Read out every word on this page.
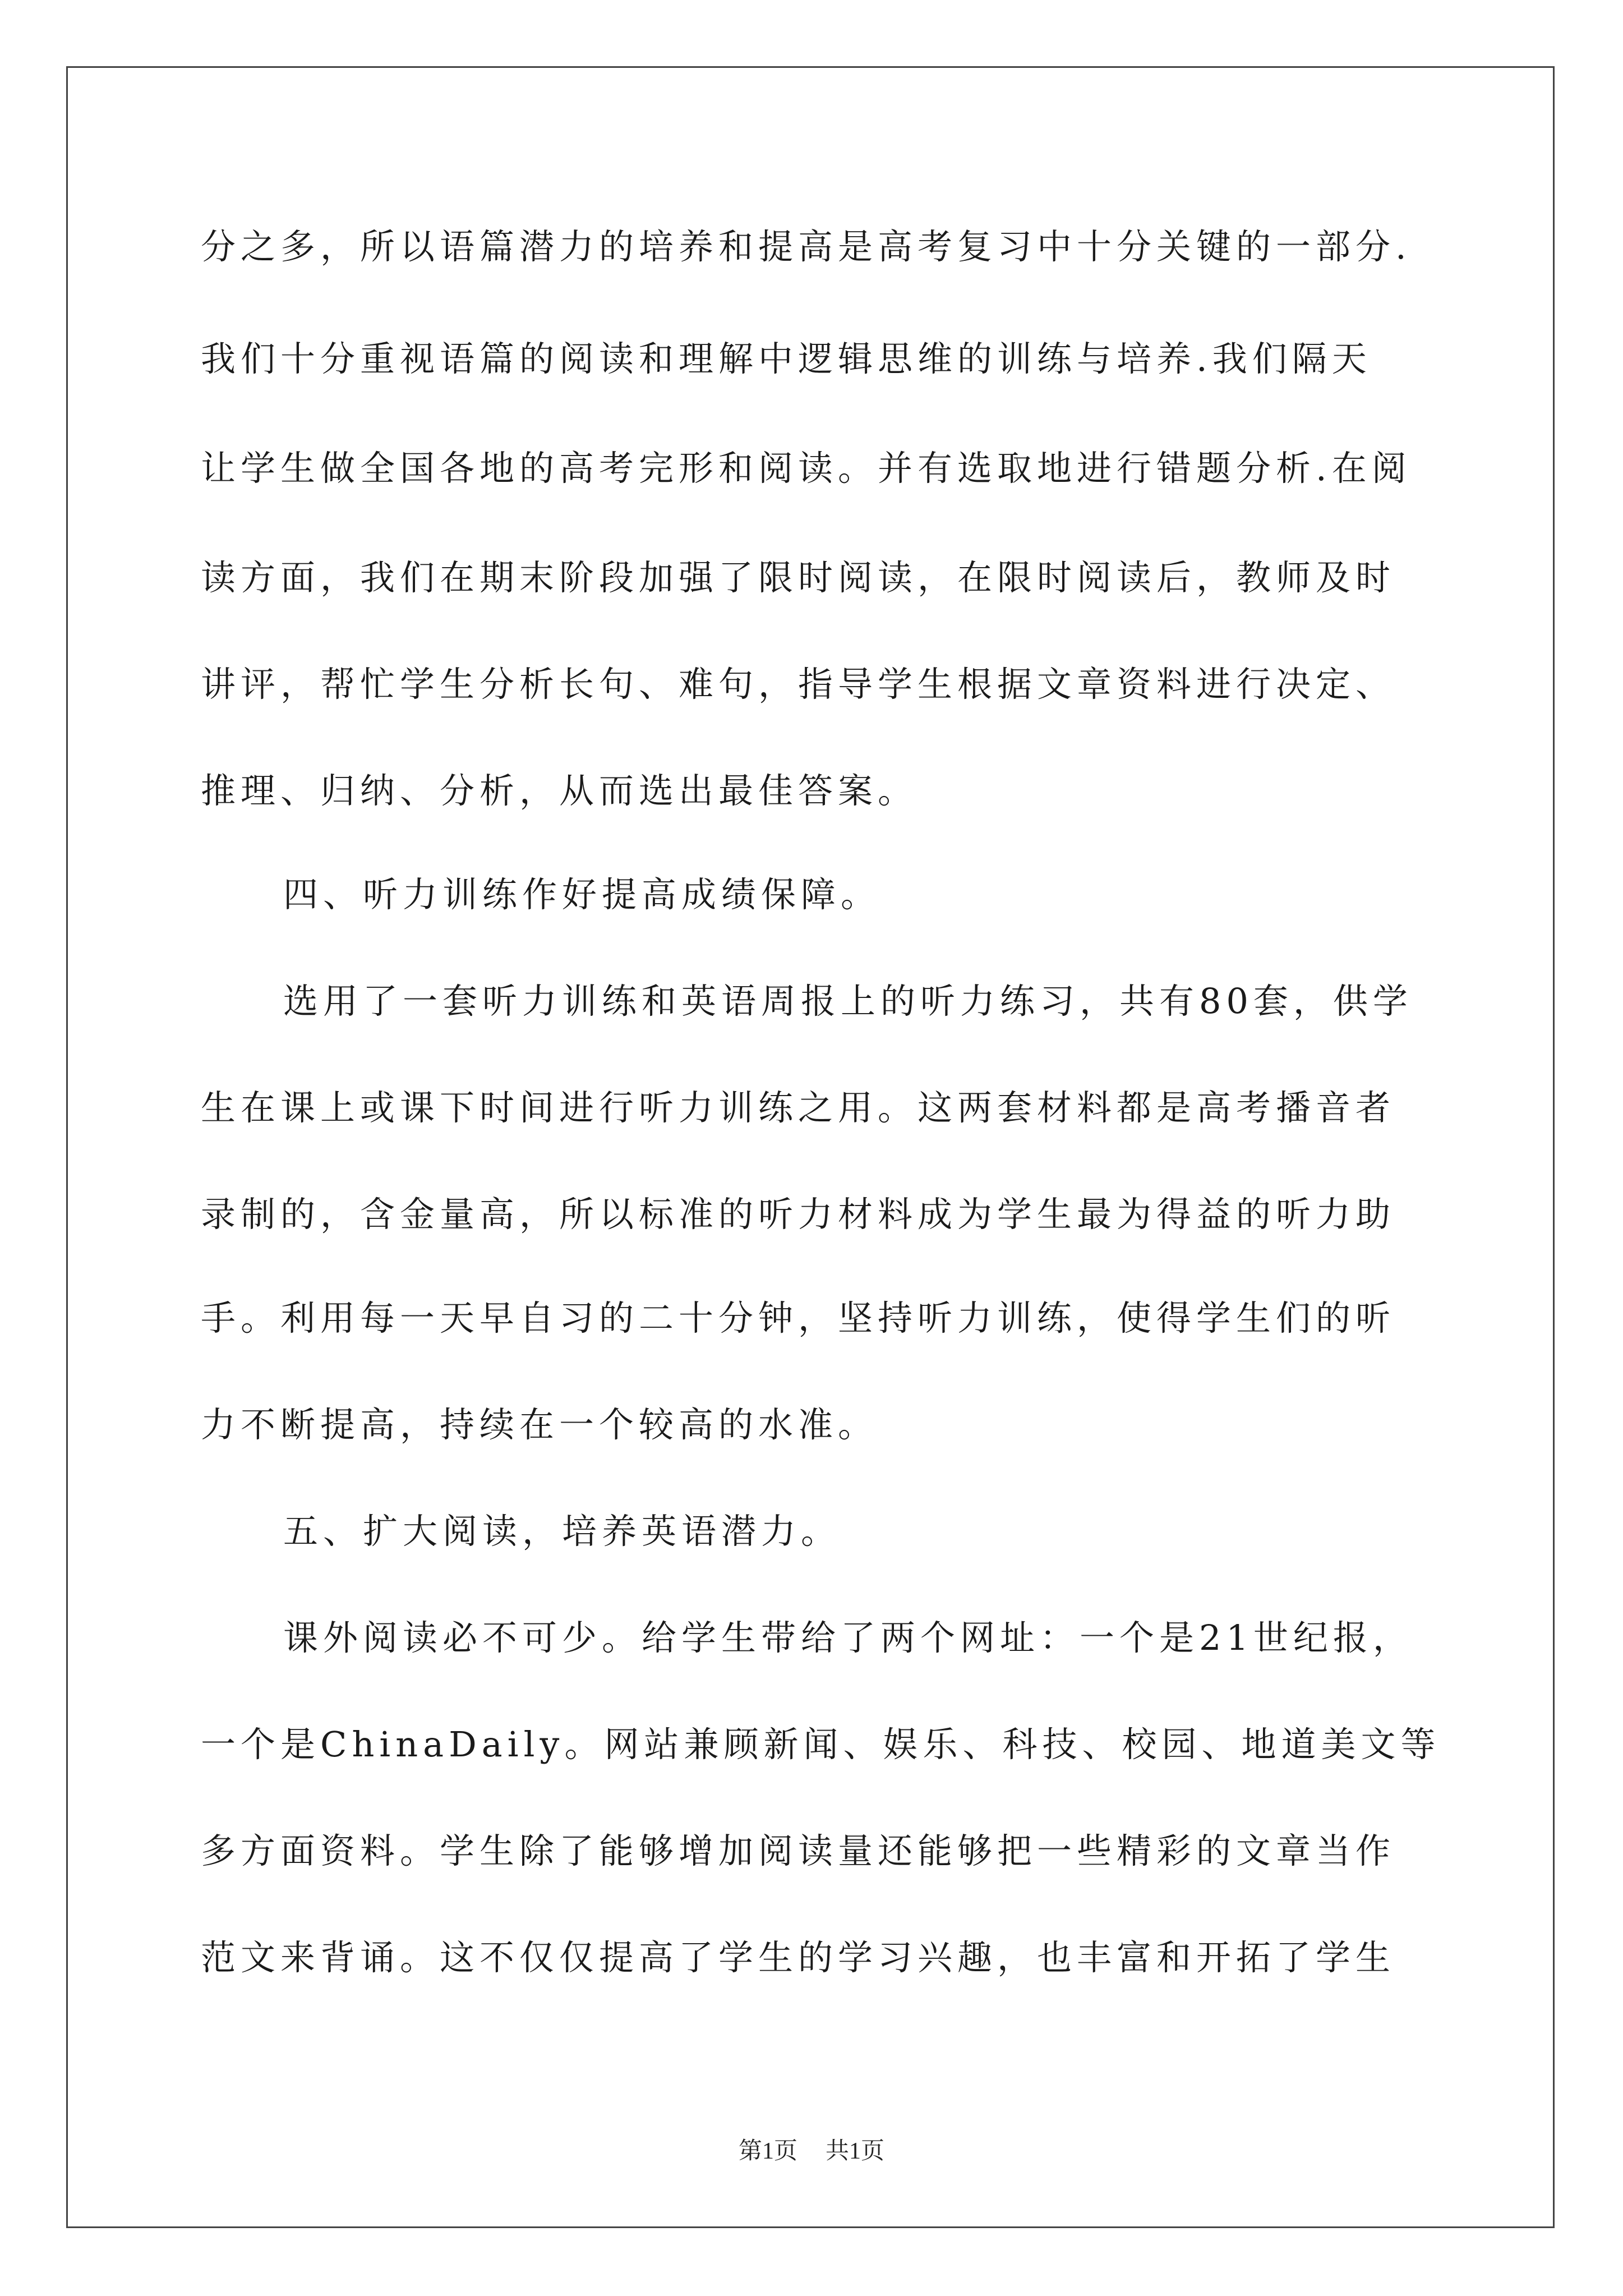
分之多，所以语篇潜力的培养和提高是高考复习中十分关键的一部分.
我们十分重视语篇的阅读和理解中逻辑思维的训练与培养.我们隔天
让学生做全国各地的高考完形和阅读。并有选取地进行错题分析.在阅
读方面，我们在期末阶段加强了限时阅读，在限时阅读后，教师及时
讲评，帮忙学生分析长句、难句，指导学生根据文章资料进行决定、
推理、归纳、分析，从而选出最佳答案。
四、听力训练作好提高成绩保障。
选用了一套听力训练和英语周报上的听力练习，共有80套，供学
生在课上或课下时间进行听力训练之用。这两套材料都是高考播音者
录制的，含金量高，所以标准的听力材料成为学生最为得益的听力助
手。利用每一天早自习的二十分钟，坚持听力训练，使得学生们的听
力不断提高，持续在一个较高的水准。
五、扩大阅读，培养英语潜力。
课外阅读必不可少。给学生带给了两个网址：一个是21世纪报，
一个是ChinaDaily。网站兼顾新闻、娱乐、科技、校园、地道美文等
多方面资料。学生除了能够增加阅读量还能够把一些精彩的文章当作
范文来背诵。这不仅仅提高了学生的学习兴趣，也丰富和开拓了学生
第1页 共1页
